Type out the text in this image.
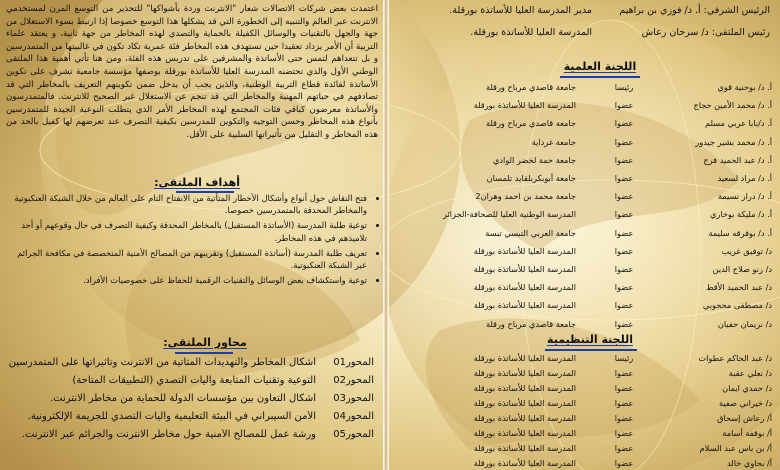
الرئيس الشرفي: أ. د/ فوزي بن براهيم
مدير المدرسة العليا للأساتذة بورقلة.
رئيس الملتقى: د/ سرحان رعاش
المدرسة العليا للأساتذة بورقلة.
اللجنة العلمية
أ. د/ بوحنية قوي
رئيسا
جامعة قاصدي مرباح ورقلة
أ. د/ محمد الأمين حجاج
عضوا
المدرسة العليا للأساتذة بورقلة
أ. د/بابا عربي مسلم
عضوا
جامعة قاصدي مرباح ورقلة
أ. د/ محمد بشير جيدور
عضوا
جامعة غرداية
أ. د/ عبد الحميد فرج
عضوا
جامعة حمة لخضر الوادي
أ. د/ مراد لسعيد
عضوا
جامعة أبوبكربلقايد تلمسان
أ. د/ درار نسيمة
عضوا
جامعة محمد بن احمد وهران2
أ. د/ مليكة بوخاري
عضوا
المدرسة الوطنية العليا للصحافة-الجزائر
أ. د/ بوفرقه سليمة
عضوا
جامعة العربي التبسي تبسة
د/ توفيق غريب
عضوا
المدرسة العليا للأساتذة بورقلة
د/ زنو صلاح الدين
عضوا
المدرسة العليا للأساتذة بورقلة
د/ عبد الحميد الأقط
عضوا
المدرسة العليا للأساتذة بورقلة
د/ مصطفى محجوبي
عضوا
المدرسة العليا للأساتذة بورقلة
د/ نريمان حفيان
عضوا
جامعة قاصدي مرباح ورقلة
اللجنة التنظيمية
د/ عبد الحاكم عطوات
رئيسا
المدرسة العليا للأساتذة بورقلة
د/ نعلي عقبة
عضوا
المدرسة العليا للأساتذة بورقلة
د/ حمدي ايمان
عضوا
المدرسة العليا للأساتذة بورقلة
د/ خيراني صفية
عضوا
المدرسة العليا للأساتذة بورقلة
أ/ رعاش إسحاق
عضوا
المدرسة العليا للأساتذة بورقلة
أ/ بوقفة أسامة
عضوا
المدرسة العليا للأساتذة بورقلة
أ/ بن باس عبد السلام
عضوا
المدرسة العليا للأساتذة بورقلة
أ/ بحاوي خالد
عضوا
المدرسة العليا للأساتذة بورقلة
اعتمدت بعض شركات الاتصالات شعار "الانترنت وردة بأشواكها" للتحذير من التوسع المرن لمستخدمي الانترنت عبر العالم والتنبيه إلى الخطورة التي قد يشكلها هذا التوسع خصوصا إذا ارتبط بسوء الاستغلال من جهة والجهل بالتقنيات والوسائل الكفيلة بالحماية والتصدي لهذه المخاطر من جهة ثانية، و يعتقد علماء التربية أن الأمر يزداد تعقيدا حين تستهدف هذه المخاطر فئة عمرية تكاد تكون في غالبيتها من المتمدرسين و بل تتعداهم لتمس حتى الأساتذة والمشرفين على تدريس هذه الفئة، ومن هنا تأتي أهمية هذا الملتقى الوطني الأول والذي تحتضنه المدرسة العليا للأساتذة بورقلة بوصفها مؤسسة جامعية تشرف على تكوين الأساتذة لفائدة قطاع التربية الوطنية، والذين يجب أن يدخل ضمن تكوينهم التعريف بالمخاطر التي قد تصادفهم في حياتهم المهنية والمخاطر التي قد تنجم عن الاستغلال غير الصحيح للانترنت. فالمتمدرسون والأساتذة معرضون كباقي فئات المجتمع لهذه المخاطر الأمر الذي يتطلب التوعية الجيدة للمتمدرسين بأنواع هذه المخاطر وحسن التوجيه والتكوين للمدرسين بكيفية التصرف عند تعرضهم لها كفيل بالحد من هذه المخاطر و التقليل من تأثيراتها السلبية على الأقل.
أهداف الملتقى:
• فتح النقاش حول أنواع وأشكال الأخطار المتأتية من الانفتاح التام على العالم من خلال الشبكة العنكبوتية والمخاطر المحدقة بالمتمدرسين خصوصا.
• توعية طلبة المدرسة (الأساتذة المستقبل) بالمخاطر المحدقة وكيفية التصرف في حال وقوعهم أو أحد تلاميذهم في هذه المخاطر.
• تعريف طلبة المدرسة (أساتذة المستقبل) وتقريبهم من المصالح الأمنية المتخصصة في مكافحة الجرائم عبر الشبكة العنكبوتية.
• توعية واستكشاف بعض الوسائل والتقنيات الرقمية للحفاظ على خصوصيات الأفراد.
محاور الملتقى:
المحور01
أشكال المخاطر والتهديدات المتأتية من الانترنت وتأثيراتها على المتمدرسين
المحور02
التوعية وتقنيات المتابعة واليات التصدي (التطبيقات المتاحة)
المحور03
أشكال التعاون بين مؤسسات الدولة للحماية من مخاطر الانترنت.
المحور04
الأمن السيبراني في البيئة التعليمية وأليات التصدي للجريمة الإلكترونية.
المحور05
ورشة عمل للمصالح الأمنية حول مخاطر الانترنت والجرائم عبر الانترنت.
